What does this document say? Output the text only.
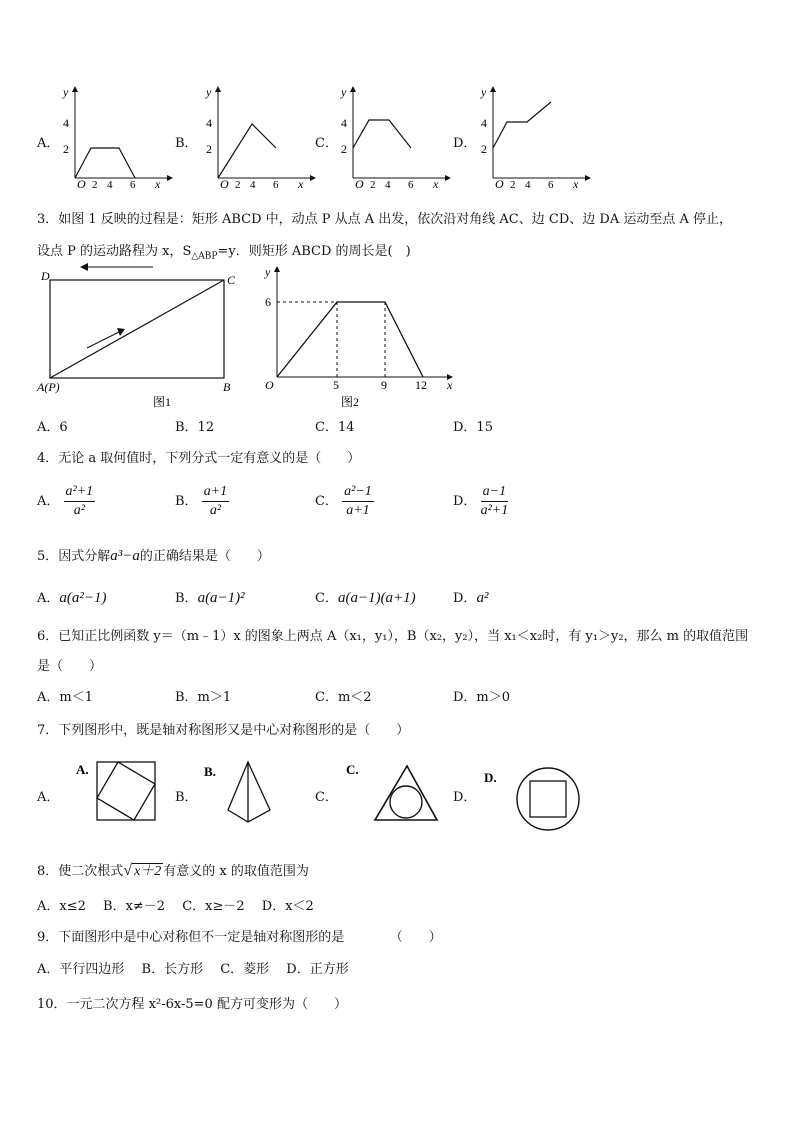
A．
y
x
4
2
O 2 4 6
B．
y
x
4
2
O 2 4 6
C．
y
x
4
2
O 2 4 6
D．
y
x
4
2
O 2 4 6
3．如图 1 反映的过程是：矩形 ABCD 中，动点 P 从点 A 出发，依次沿对角线 AC、边 CD、边 DA 运动至点 A 停止，
设点 P 的运动路程为 x，$S_{\triangle ABP}=y$．则矩形 ABCD 的周长是(　)
D	C
A(P)	B
图1
y
x
O
6
5	9 12
图2
A．6	B．12	C．14	D．15
4．无论 a 取何值时，下列分式一定有意义的是（　　）
A． $\frac{\text{a²+1}}{\text{a²}}$	B． $\frac{a+1}{\text{a²}}$	C． $\frac{\text{a²−1}}{a+1}$	D． $\frac{a-1}{\text{a²+1}}$
5．因式分解a³−a的正确结果是（　　）
A．a(a²−1)	B．a(a−1)²	C．a(a−1)(a+1)	D．a²
6．已知正比例函数 y＝（m﹣1）x 的图象上两点 A（x₁，y₁），B（x₂，y₂），当 x₁＜x₂时，有 y₁＞y₂，那么 m 的取值范围
是（　　）
A．m＜1	B．m＞1	C．m＜2	D．m＞0
7．下列图形中，既是轴对称图形又是中心对称图形的是（　　）
A．
A.
B．
B.
C．
C.
D．
D.
8．使二次根式√ x＋2 有意义的 x 的取值范围为
A．x≤2　 B．x≠－2　 C．x≥－2　 D．x＜2
9．下面图形中是中心对称但不一定是轴对称图形的是　　　　（　　）
A．平行四边形　 B．长方形　 C．菱形　 D．正方形
10．一元二次方程 x²-6x-5=0 配方可变形为（　　）
